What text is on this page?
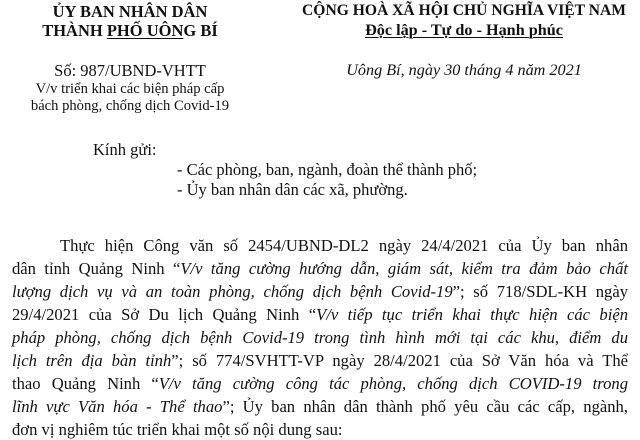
ỦY BAN NHÂN DÂN
THÀNH PHỐ UÔNG BÍ
Số: 987/UBND-VHTT
V/v triển khai các biện pháp cấp
bách phòng, chống dịch Covid-19
CỘNG HOÀ XÃ HỘI CHỦ NGHĨA VIỆT NAM
Độc lập - Tự do - Hạnh phúc
Uông Bí, ngày 30 tháng 4 năm 2021
Kính gửi:
- Các phòng, ban, ngành, đoàn thể thành phố;
- Ủy ban nhân dân các xã, phường.
Thực hiện Công văn số 2454/UBND-DL2 ngày 24/4/2021 của Ủy ban nhân
dân tỉnh Quảng Ninh “V/v tăng cường hướng dẫn, giám sát, kiểm tra đảm bảo chất
lượng dịch vụ và an toàn phòng, chống dịch bệnh Covid-19”; số 718/SDL-KH ngày
29/4/2021 của Sở Du lịch Quảng Ninh “V/v tiếp tục triển khai thực hiện các biện
pháp phòng, chống dịch bệnh Covid-19 trong tình hình mới tại các khu, điểm du
lịch trên địa bàn tỉnh”; số 774/SVHTT-VP ngày 28/4/2021 của Sở Văn hóa và Thể
thao Quảng Ninh “V/v tăng cường công tác phòng, chống dịch COVID-19 trong
lĩnh vực Văn hóa - Thể thao”; Ủy ban nhân dân thành phố yêu cầu các cấp, ngành,
đơn vị nghiêm túc triển khai một số nội dung sau:
